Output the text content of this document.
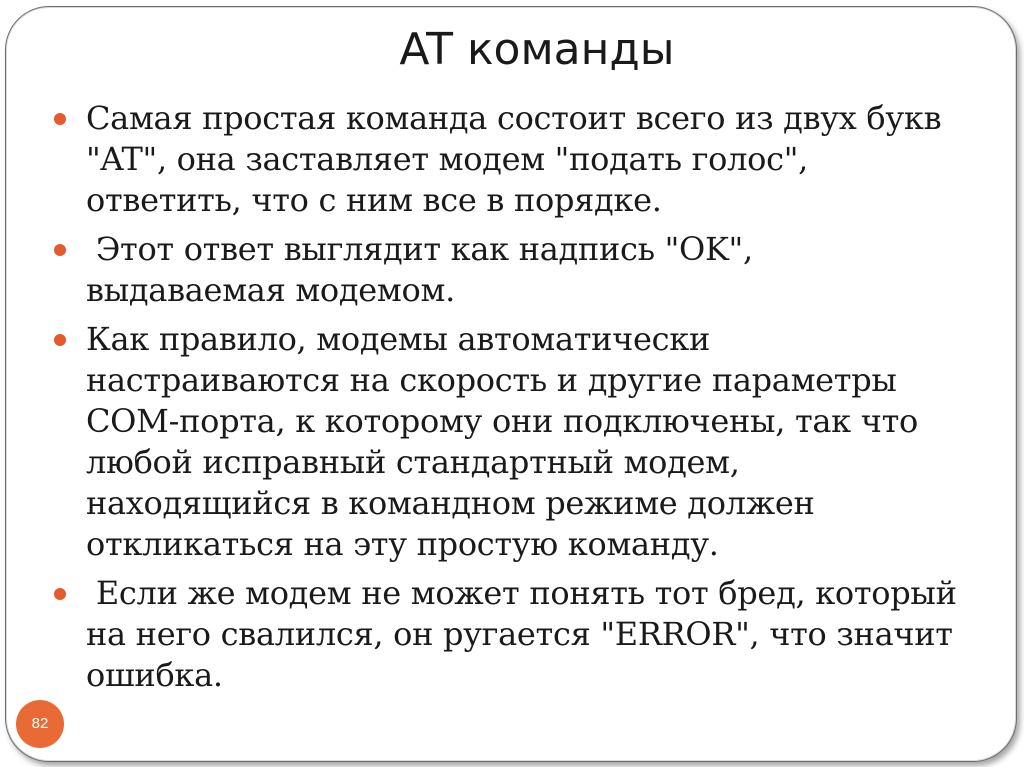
AT команды
Самая простая команда состоит всего из двух букв
"AT", она заставляет модем "подать голос",
ответить, что с ним все в порядке.
Этот ответ выглядит как надпись "OK",
выдаваемая модемом.
Как правило, модемы автоматически
настраиваются на скорость и другие параметры
COM-порта, к которому они подключены, так что
любой исправный стандартный модем,
находящийся в командном режиме должен
откликаться на эту простую команду.
Если же модем не может понять тот бред, который
на него свалился, он ругается "ERROR", что значит
ошибка.
82
